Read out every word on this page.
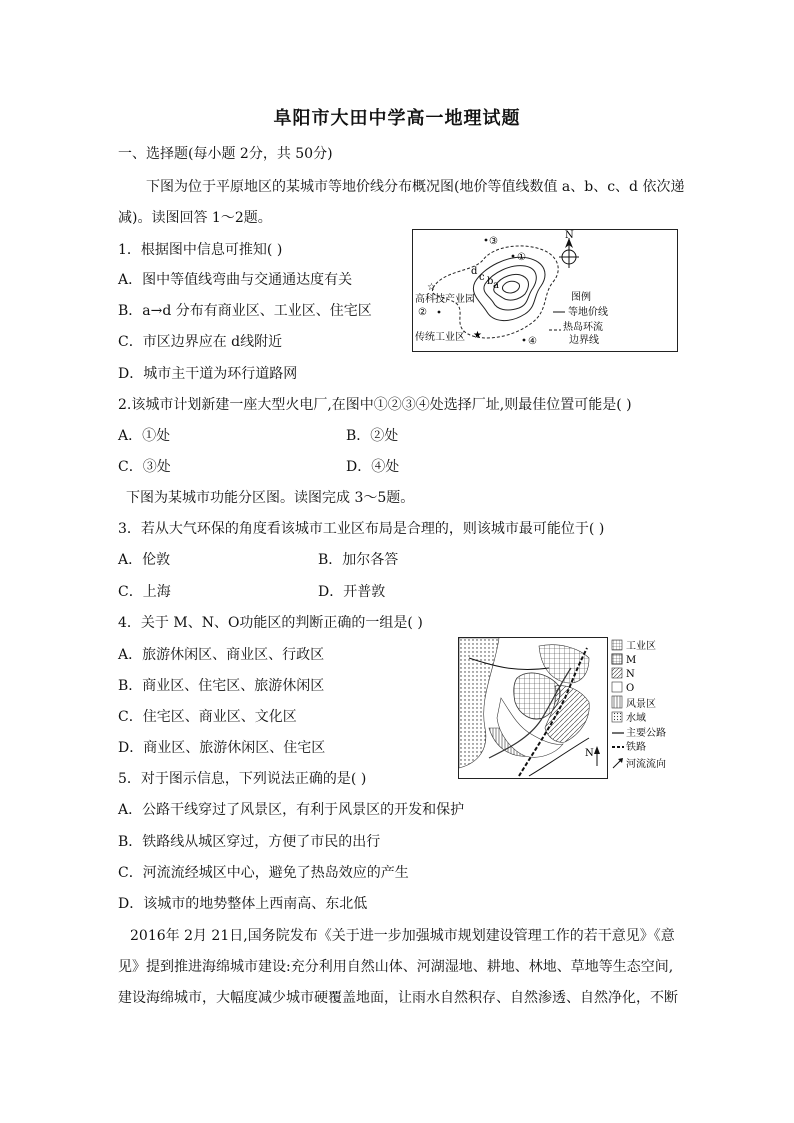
阜阳市大田中学高一地理试题
一、选择题(每小题 2分，共 50分)
下图为位于平原地区的某城市等地价线分布概况图(地价等值线数值 a、b、c、d 依次递
减)。读图回答 1～2题。
1．根据图中信息可推知( )
A．图中等值线弯曲与交通通达度有关
B．a→d 分布有商业区、工业区、住宅区
C．市区边界应在 d线附近
D．城市主干道为环行道路网
③
①
高科技产业园
☆
②
传统工业区 ★
④
d
c b a
N
图例
等地价线
热岛环流
边界线
2.该城市计划新建一座大型火电厂,在图中①②③④处选择厂址,则最佳位置可能是( )
A．①处	B．②处
C．③处	D．④处
下图为某城市功能分区图。读图完成 3～5题。
3．若从大气环保的角度看该城市工业区布局是合理的，则该城市最可能位于( )
A．伦敦	B．加尔各答
C．上海	D．开普敦
4．关于 M、N、O功能区的判断正确的一组是( )
A．旅游休闲区、商业区、行政区
B．商业区、住宅区、旅游休闲区
C．住宅区、商业区、文化区
D．商业区、旅游休闲区、住宅区	N
工业区
M
N
O
风景区
水域
主要公路
铁路
河流流向
5．对于图示信息，下列说法正确的是( )
A．公路干线穿过了风景区，有利于风景区的开发和保护
B．铁路线从城区穿过，方便了市民的出行
C．河流流经城区中心，避免了热岛效应的产生
D．该城市的地势整体上西南高、东北低
2016年 2月 21日,国务院发布《关于进一步加强城市规划建设管理工作的若干意见》《意
见》提到推进海绵城市建设:充分利用自然山体、河湖湿地、耕地、林地、草地等生态空间,
建设海绵城市，大幅度减少城市硬覆盖地面，让雨水自然积存、自然渗透、自然净化，不断
